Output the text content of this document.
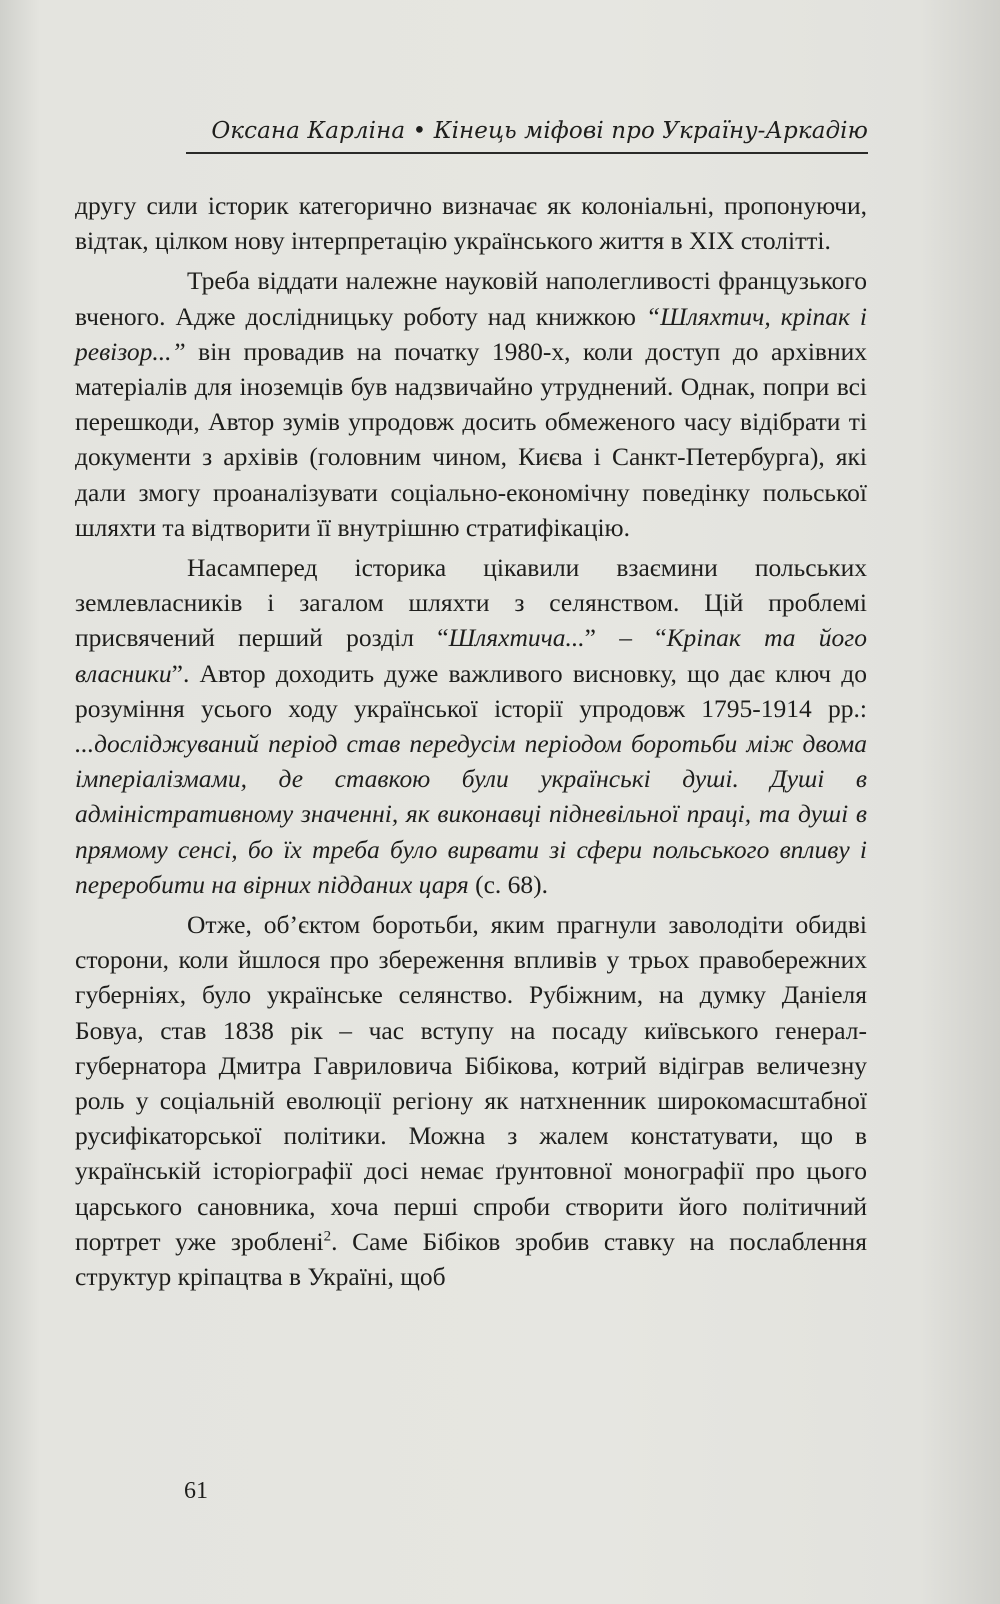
Оксана Карліна • Кінець міфові про Україну-Аркадію

другу сили історик категорично визначає як колоніальні, пропонуючи, відтак, цілком нову інтерпретацію українського життя в XIX столітті.

Треба віддати належне науковій наполегливості французького вченого. Адже дослідницьку роботу над книжкою “Шляхтич, кріпак і ревізор...” він провадив на початку 1980-х, коли доступ до архівних матеріалів для іноземців був надзвичайно утруднений. Однак, попри всі перешкоди, Автор зумів упродовж досить обмеженого часу відібрати ті документи з архівів (головним чином, Києва і Санкт-Петербурга), які дали змогу проаналізувати соціально-економічну поведінку польської шляхти та відтворити її внутрішню стратифікацію.

Насамперед історика цікавили взаємини польських землевласників і загалом шляхти з селянством. Цій проблемі присвячений перший розділ “Шляхтича...” – “Кріпак та його власники”. Автор доходить дуже важливого висновку, що дає ключ до розуміння усього ходу української історії упродовж 1795-1914 рр.: ...досліджуваний період став передусім періодом боротьби між двома імперіалізмами, де ставкою були українські душі. Душі в адміністративному значенні, як виконавці підневільної праці, та душі в прямому сенсі, бо їх треба було вирвати зі сфери польського впливу і переробити на вірних підданих царя (с. 68).

Отже, об’єктом боротьби, яким прагнули заволодіти обидві сторони, коли йшлося про збереження впливів у трьох правобережних губерніях, було українське селянство. Рубіжним, на думку Даніеля Бовуа, став 1838 рік – час вступу на посаду київського генерал-губернатора Дмитра Гавриловича Бібікова, котрий відіграв величезну роль у соціальній еволюції регіону як натхненник широкомасштабної русифікаторської політики. Можна з жалем констатувати, що в українській історіографії досі немає ґрунтовної монографії про цього царського сановника, хоча перші спроби створити його політичний портрет уже зроблені$^2$. Саме Бібіков зробив ставку на послаблення структур кріпацтва в Україні, щоб

61
